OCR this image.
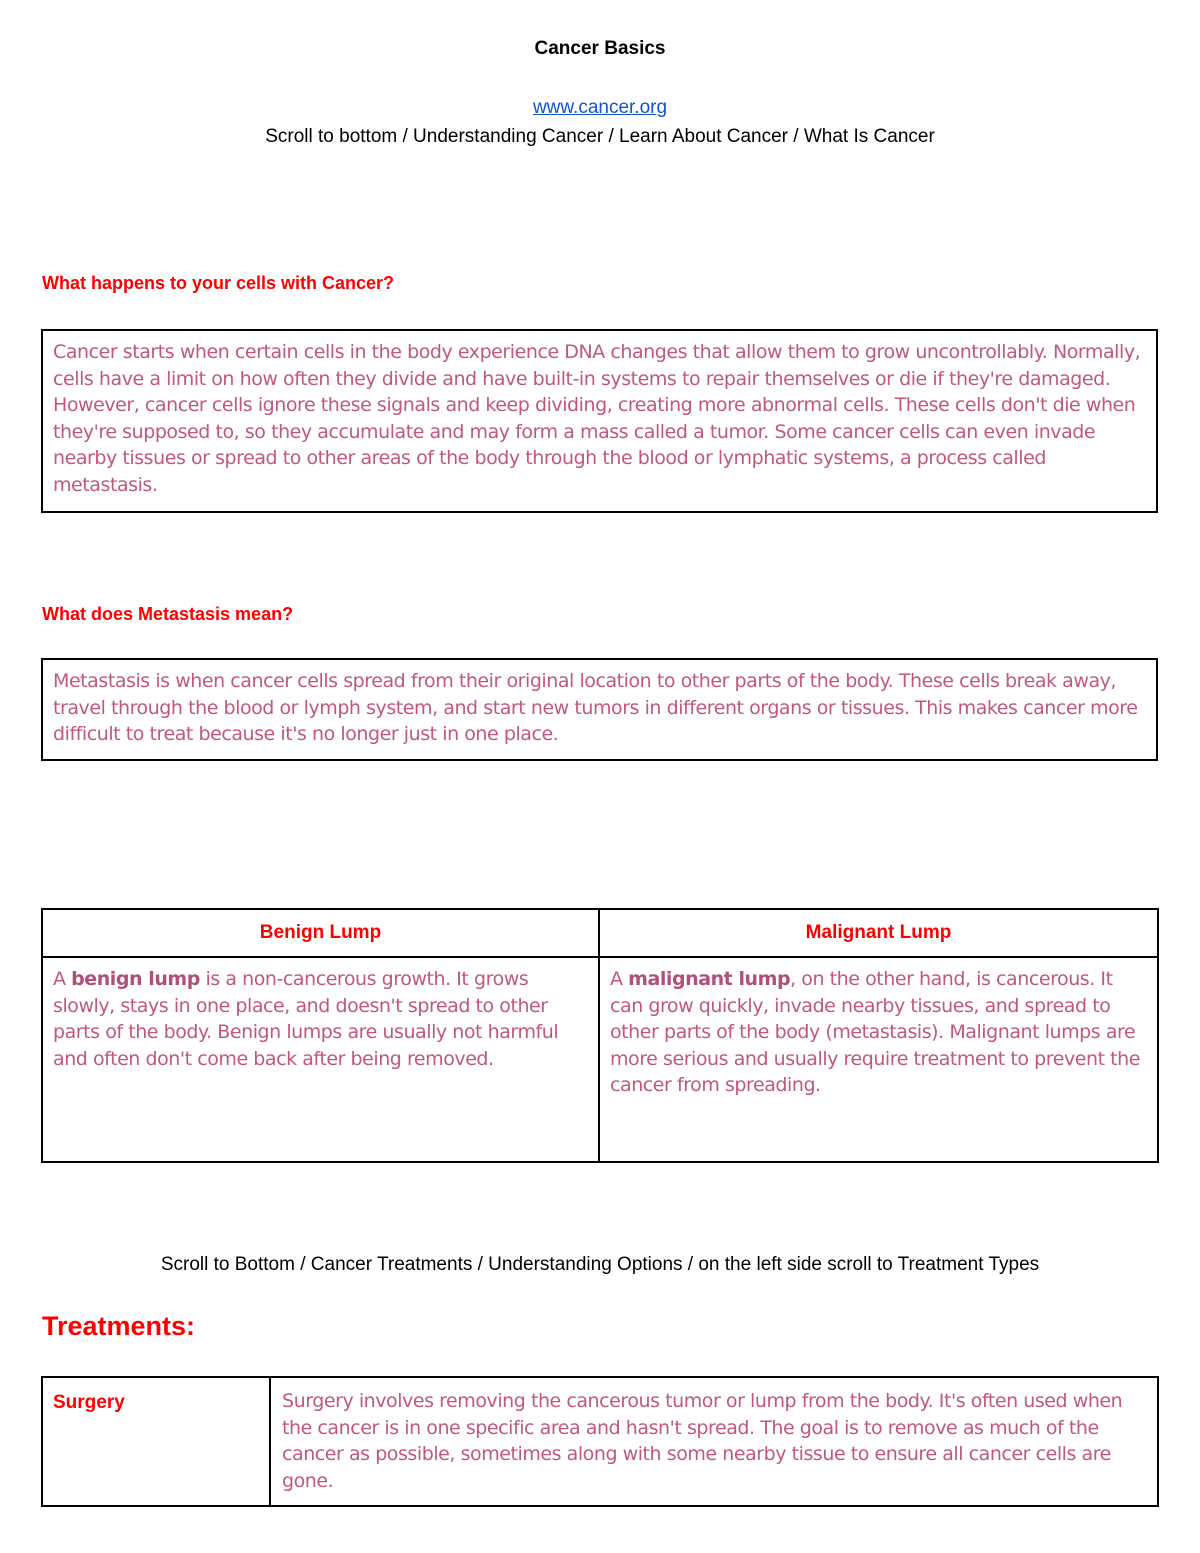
Cancer Basics
www.cancer.org
Scroll to bottom / Understanding Cancer / Learn About Cancer / What Is Cancer
What happens to your cells with Cancer?
Cancer starts when certain cells in the body experience DNA changes that allow them to grow uncontrollably. Normally, cells have a limit on how often they divide and have built-in systems to repair themselves or die if they're damaged. However, cancer cells ignore these signals and keep dividing, creating more abnormal cells. These cells don't die when they're supposed to, so they accumulate and may form a mass called a tumor. Some cancer cells can even invade nearby tissues or spread to other areas of the body through the blood or lymphatic systems, a process called metastasis.
What does Metastasis mean?
Metastasis is when cancer cells spread from their original location to other parts of the body. These cells break away, travel through the blood or lymph system, and start new tumors in different organs or tissues. This makes cancer more difficult to treat because it's no longer just in one place.
Benign Lump	Malignant Lump
A benign lump is a non-cancerous growth. It grows slowly, stays in one place, and doesn't spread to other parts of the body. Benign lumps are usually not harmful and often don't come back after being removed.
A malignant lump, on the other hand, is cancerous. It can grow quickly, invade nearby tissues, and spread to other parts of the body (metastasis). Malignant lumps are more serious and usually require treatment to prevent the cancer from spreading.
Scroll to Bottom / Cancer Treatments / Understanding Options / on the left side scroll to Treatment Types
Treatments:
Surgery	Surgery involves removing the cancerous tumor or lump from the body. It's often used when the cancer is in one specific area and hasn't spread. The goal is to remove as much of the cancer as possible, sometimes along with some nearby tissue to ensure all cancer cells are gone.
